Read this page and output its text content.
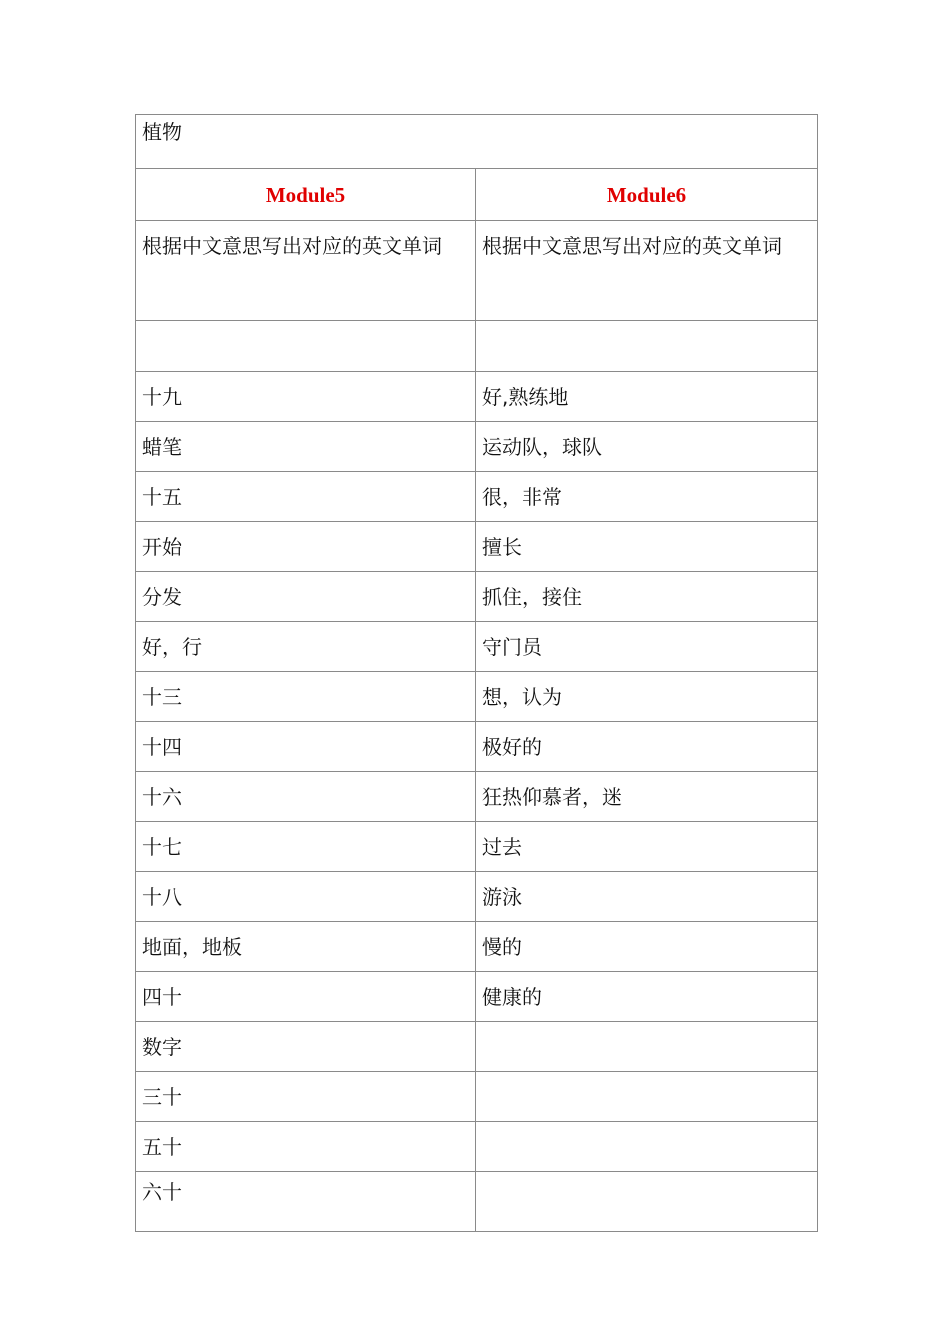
植物	
Module5	Module6
根据中文意思写出对应的英文单词	根据中文意思写出对应的英文单词

十九	好,熟练地
蜡笔	运动队，球队
十五	很，非常
开始	擅长
分发	抓住，接住
好，行	守门员
十三	想，认为
十四	极好的
十六	狂热仰慕者，迷
十七	过去
十八	游泳
地面，地板	慢的
四十	健康的
数字	
三十	
五十	
六十	
